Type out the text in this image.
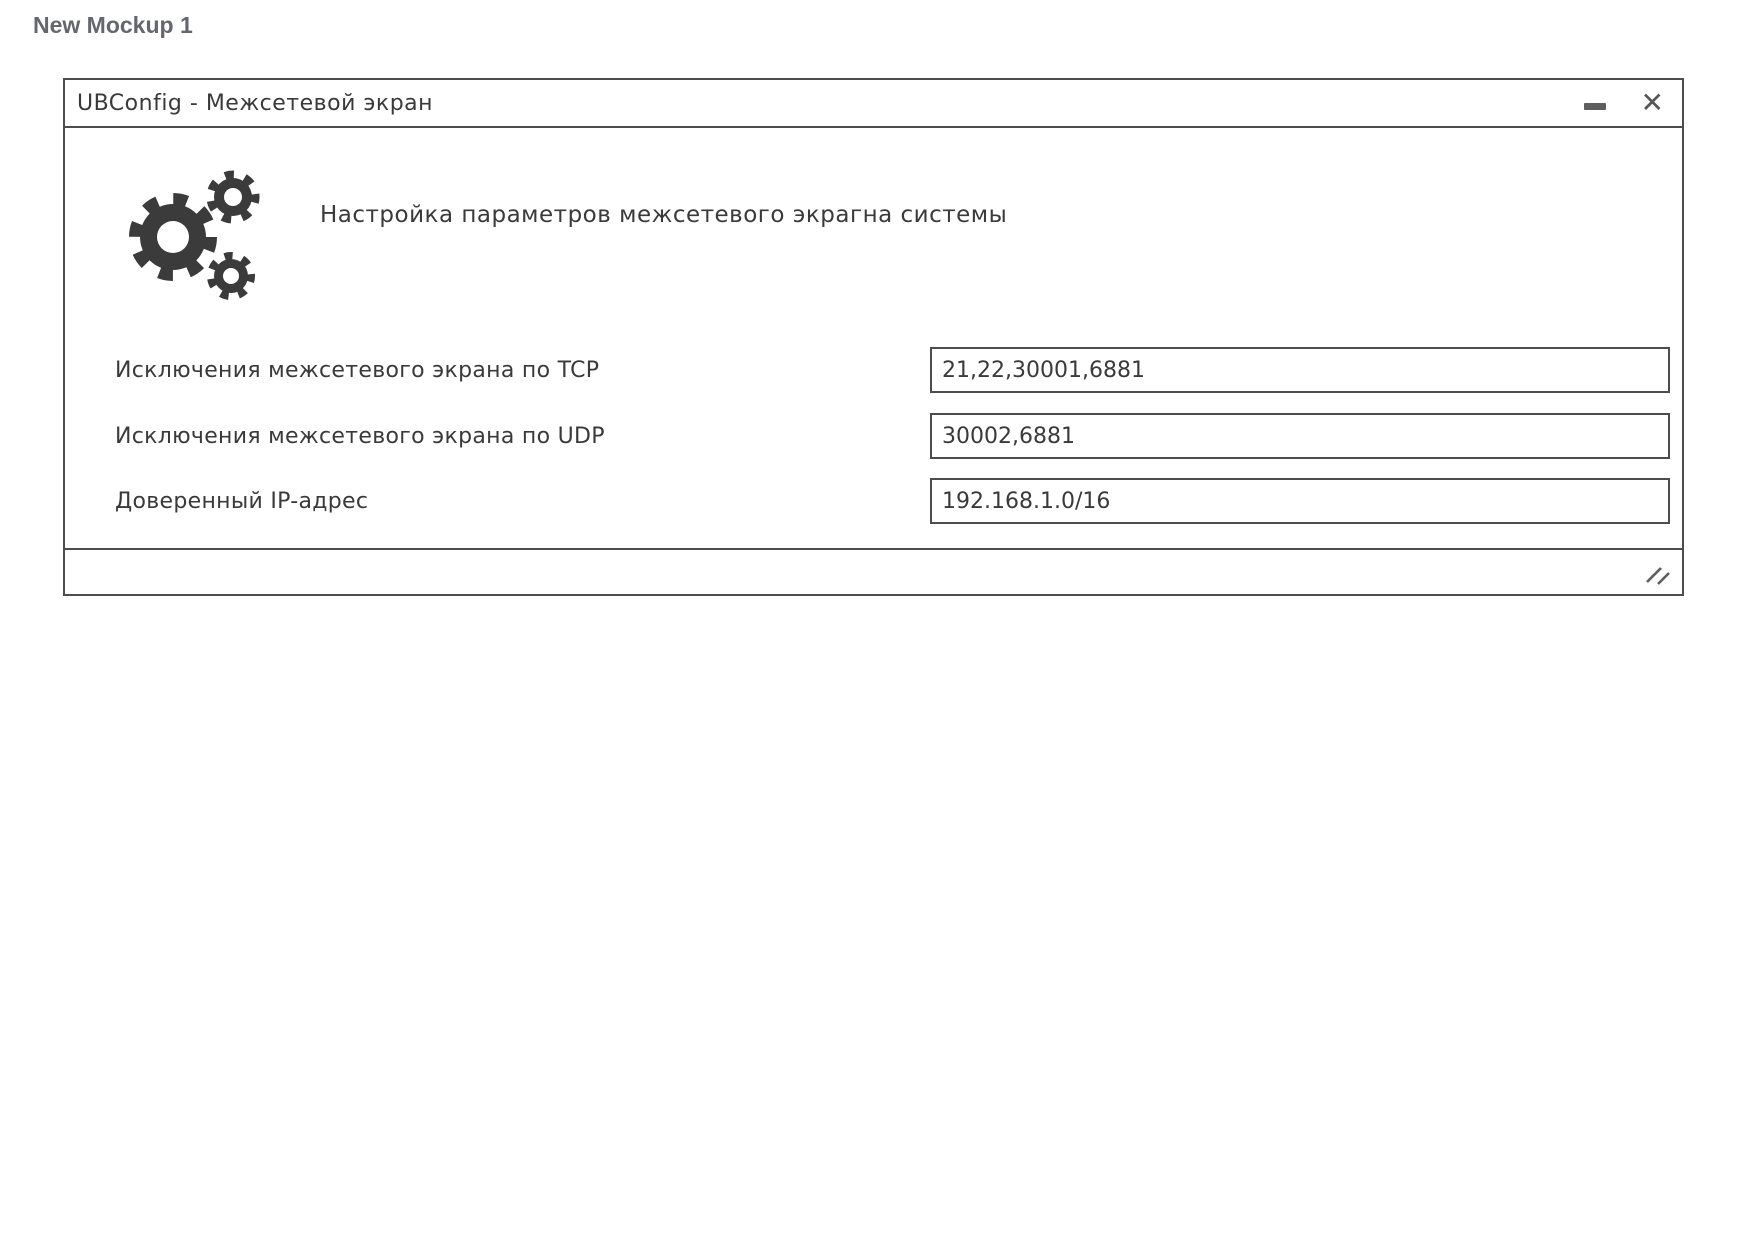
New Mockup 1
UBConfig - Межсетевой экран	✕
Настройка параметров межсетевого экрагна системы
Исключения межсетевого экрана по TCP
21,22,30001,6881
Исключения межсетевого экрана по UDP
30002,6881
Доверенный IP-адрес
192.168.1.0/16
